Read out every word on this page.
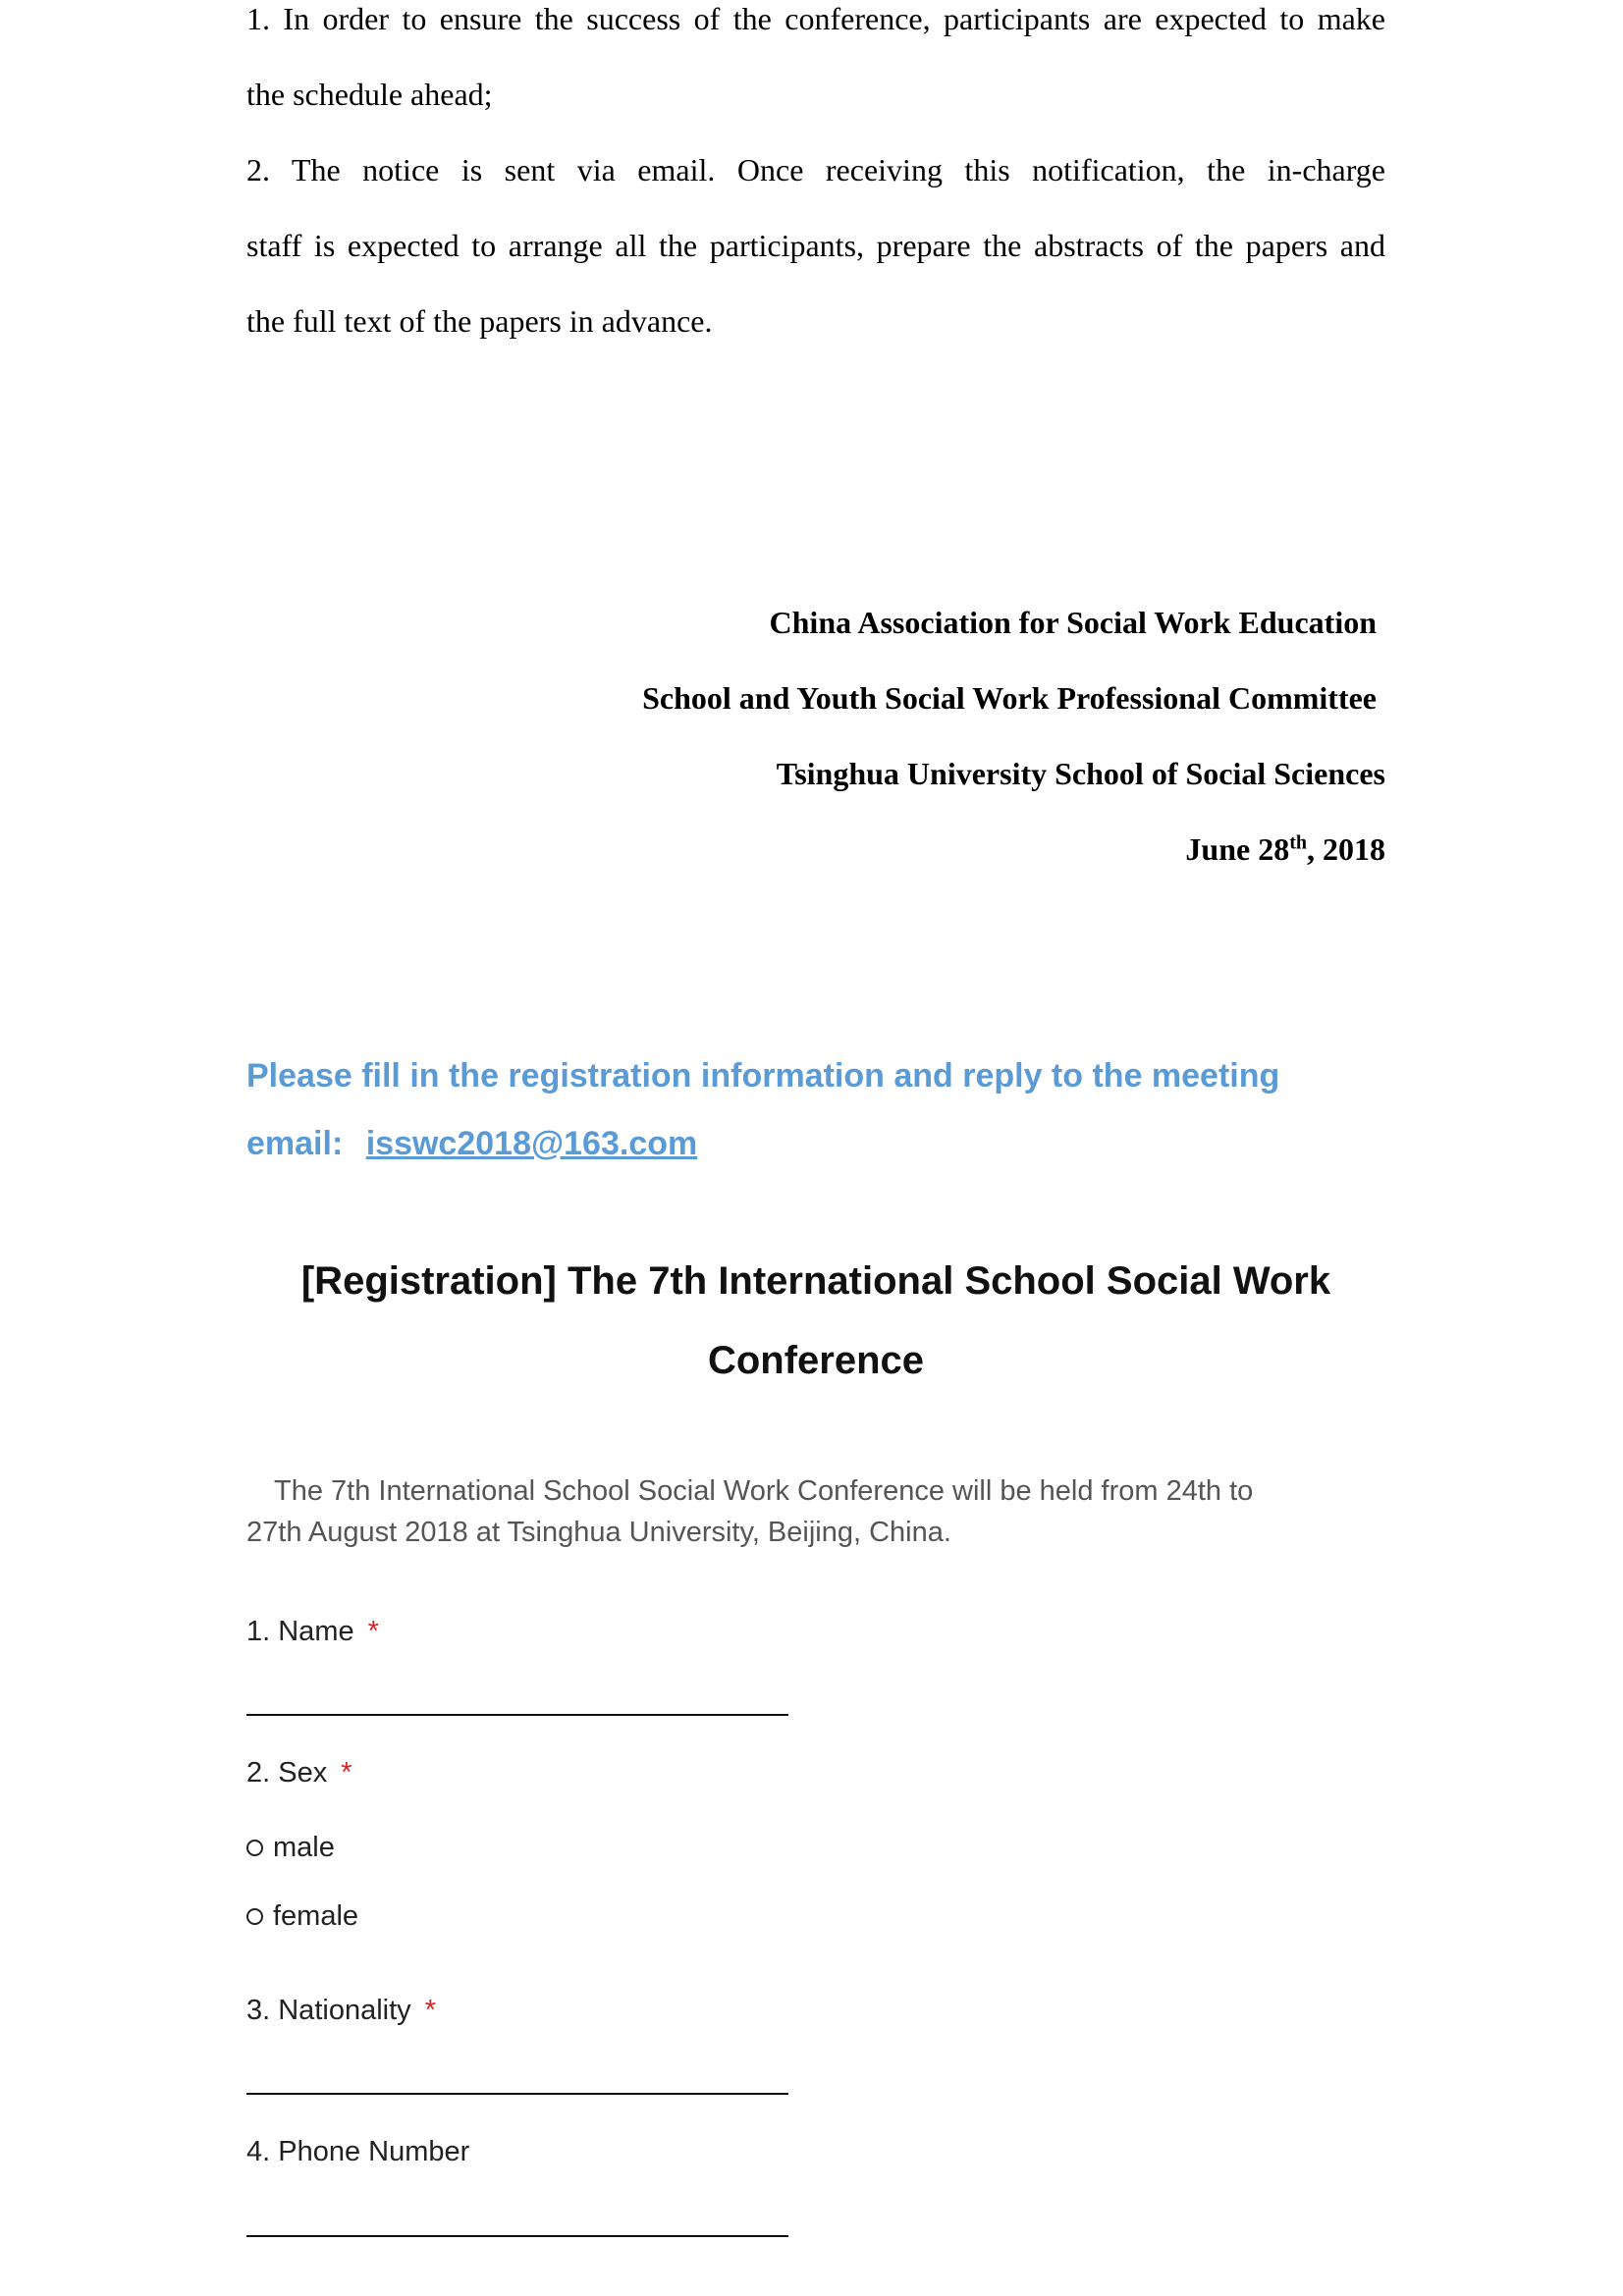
1. In order to ensure the success of the conference, participants are expected to make
the schedule ahead;
2. The notice is sent via email. Once receiving this notification, the in-charge
staff is expected to arrange all the participants, prepare the abstracts of the papers and
the full text of the papers in advance.
China Association for Social Work Education
School and Youth Social Work Professional Committee
Tsinghua University School of Social Sciences
June 28th, 2018
Please fill in the registration information and reply to the meeting
email: isswc2018@163.com
[Registration] The 7th International School Social Work
Conference
The 7th International School Social Work Conference will be held from 24th to
27th August 2018 at Tsinghua University, Beijing, China.
1. Name *
2. Sex *
male
female
3. Nationality *
4. Phone Number
